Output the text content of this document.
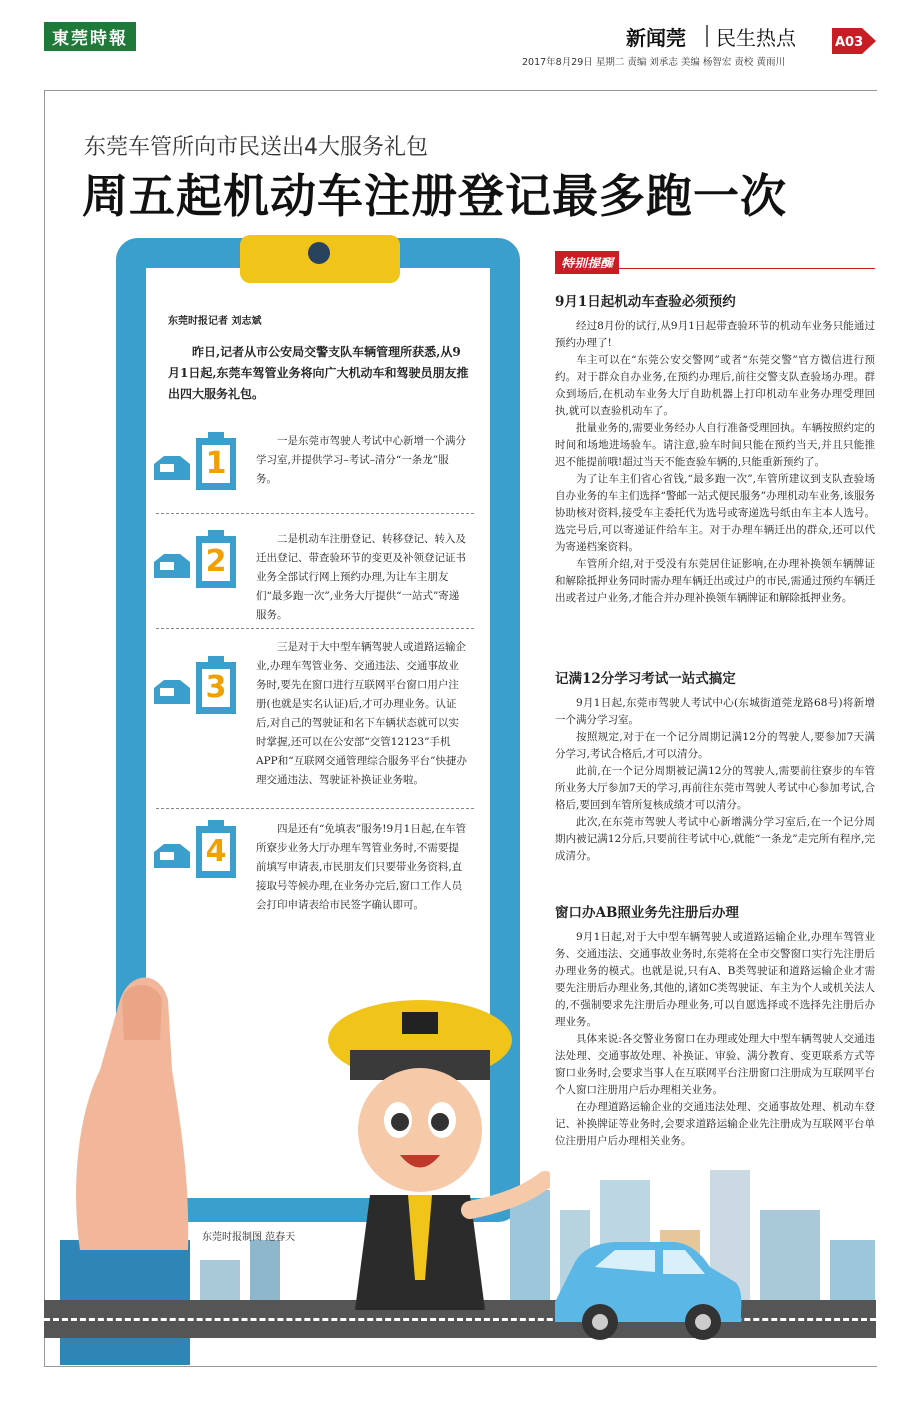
東莞時報	新闻莞 民生热点	A03
2017年8月29日 星期二 责编 刘承志 美编 杨智宏 责校 黄雨川
东莞车管所向市民送出4大服务礼包
周五起机动车注册登记最多跑一次
东莞时报记者 刘志斌
昨日,记者从市公安局交警支队车辆管理所获悉,从9月1日起,东莞车驾管业务将向广大机动车和驾驶员朋友推出四大服务礼包。
1
一是东莞市驾驶人考试中心新增一个满分学习室,并提供学习–考试–清分“一条龙”服务。
2
二是机动车注册登记、转移登记、转入及迁出登记、带查验环节的变更及补领登记证书业务全部试行网上预约办理,为让车主朋友们“最多跑一次”,业务大厅提供“一站式”寄递服务。
3
三是对于大中型车辆驾驶人或道路运输企业,办理车驾管业务、交通违法、交通事故业务时,要先在窗口进行互联网平台窗口用户注册(也就是实名认证)后,才可办理业务。认证后,对自己的驾驶证和名下车辆状态就可以实时掌握,还可以在公安部“交管12123”手机APP和“互联网交通管理综合服务平台”快捷办理交通违法、驾驶证补换证业务啦。
4
四是还有“免填表”服务!9月1日起,在车管所寮步业务大厅办理车驾管业务时,不需要提前填写申请表,市民朋友们只要带业务资料,直接取号等候办理,在业务办完后,窗口工作人员会打印申请表给市民签字确认即可。
东莞时报制图 范春天
特别提醒
9月1日起机动车查验必须预约

经过8月份的试行,从9月1日起带查验环节的机动车业务只能通过预约办理了!

车主可以在“东莞公安交警网”或者“东莞交警”官方微信进行预约。对于群众自办业务,在预约办理后,前往交警支队查验场办理。群众到场后,在机动车业务大厅自助机器上打印机动车业务办理受理回执,就可以查验机动车了。

批量业务的,需要业务经办人自行准备受理回执。车辆按照约定的时间和场地进场验车。请注意,验车时间只能在预约当天,并且只能推迟不能提前哦!超过当天不能查验车辆的,只能重新预约了。

为了让车主们省心省钱,“最多跑一次”,车管所建议到支队查验场自办业务的车主们选择“警邮一站式便民服务”办理机动车业务,该服务协助核对资料,接受车主委托代为选号或寄递选号纸由车主本人选号。选完号后,可以寄递证件给车主。对于办理车辆迁出的群众,还可以代为寄递档案资料。

车管所介绍,对于受没有东莞居住证影响,在办理补换领车辆牌证和解除抵押业务同时需办理车辆迁出或过户的市民,需通过预约车辆迁出或者过户业务,才能合并办理补换领车辆牌证和解除抵押业务。

记满12分学习考试一站式搞定

9月1日起,东莞市驾驶人考试中心(东城街道莞龙路68号)将新增一个满分学习室。

按照规定,对于在一个记分周期记满12分的驾驶人,要参加7天满分学习,考试合格后,才可以清分。

此前,在一个记分周期被记满12分的驾驶人,需要前往寮步的车管所业务大厅参加7天的学习,再前往东莞市驾驶人考试中心参加考试,合格后,要回到车管所复核成绩才可以清分。

此次,在东莞市驾驶人考试中心新增满分学习室后,在一个记分周期内被记满12分后,只要前往考试中心,就能“一条龙”走完所有程序,完成清分。

窗口办AB照业务先注册后办理

9月1日起,对于大中型车辆驾驶人或道路运输企业,办理车驾管业务、交通违法、交通事故业务时,东莞将在全市交警窗口实行先注册后办理业务的模式。也就是说,只有A、B类驾驶证和道路运输企业才需要先注册后办理业务,其他的,诸如C类驾驶证、车主为个人或机关法人的,不强制要求先注册后办理业务,可以自愿选择或不选择先注册后办理业务。

具体来说:各交警业务窗口在办理或处理大中型车辆驾驶人交通违法处理、交通事故处理、补换证、审验、满分教育、变更联系方式等窗口业务时,会要求当事人在互联网平台注册窗口注册成为互联网平台个人窗口注册用户后办理相关业务。

在办理道路运输企业的交通违法处理、交通事故处理、机动车登记、补换牌证等业务时,会要求道路运输企业先注册成为互联网平台单位注册用户后办理相关业务。
